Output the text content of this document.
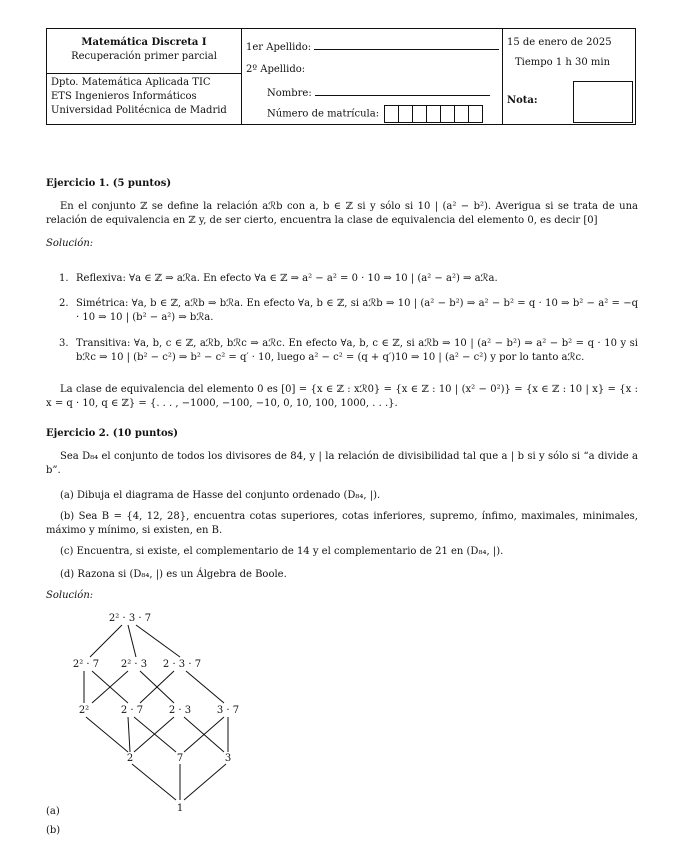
Matemática Discreta I
Recuperación primer parcial
Dpto. Matemática Aplicada TIC
ETS Ingenieros Informáticos
Universidad Politécnica de Madrid
1er Apellido:
2º Apellido:
Nombre:
Número de matrícula:
15 de enero de 2025
Tiempo 1 h 30 min
Nota:
Ejercicio 1. (5 puntos)
En el conjunto ℤ se define la relación aℛb con a, b ∈ ℤ si y sólo si 10 | (a² − b²). Averigua si se trata de una relación de equivalencia en ℤ y, de ser cierto, encuentra la clase de equivalencia del elemento 0, es decir [0]
Solución:
1. Reflexiva: ∀a ∈ ℤ ⇒ aℛa. En efecto ∀a ∈ ℤ ⇒ a² − a² = 0 · 10 ⇒ 10 | (a² − a²) ⇒ aℛa.
2. Simétrica: ∀a, b ∈ ℤ, aℛb ⇒ bℛa. En efecto ∀a, b ∈ ℤ, si aℛb ⇒ 10 | (a² − b²) ⇒ a² − b² = q · 10 ⇒ b² − a² = −q · 10 ⇒ 10 | (b² − a²) ⇒ bℛa.
3. Transitiva: ∀a, b, c ∈ ℤ, aℛb, bℛc ⇒ aℛc. En efecto ∀a, b, c ∈ ℤ, si aℛb ⇒ 10 | (a² − b²) ⇒ a² − b² = q · 10 y si bℛc ⇒ 10 | (b² − c²) ⇒ b² − c² = q′ · 10, luego a² − c² = (q + q′)10 ⇒ 10 | (a² − c²) y por lo tanto aℛc.
La clase de equivalencia del elemento 0 es [0] = {x ∈ ℤ : xℛ0} = {x ∈ ℤ : 10 | (x² − 0²)} = {x ∈ ℤ : 10 | x} = {x : x = q · 10, q ∈ ℤ} = {. . . , −1000, −100, −10, 0, 10, 100, 1000, . . .}.
Ejercicio 2. (10 puntos)
Sea D₈₄ el conjunto de todos los divisores de 84, y | la relación de divisibilidad tal que a | b si y sólo si “a divide a b”.
(a) Dibuja el diagrama de Hasse del conjunto ordenado (D₈₄, |).
(b) Sea B = {4, 12, 28}, encuentra cotas superiores, cotas inferiores, supremo, ínfimo, maximales, minimales, máximo y mínimo, si existen, en B.
(c) Encuentra, si existe, el complementario de 14 y el complementario de 21 en (D₈₄, |).
(d) Razona si (D₈₄, |) es un Álgebra de Boole.
Solución:
2² · 3 · 7
2² · 7 2² · 3 2 · 3 · 7
2²	2 · 7	2 · 3	3 · 7
2	7	3
1
(a)
(b)
